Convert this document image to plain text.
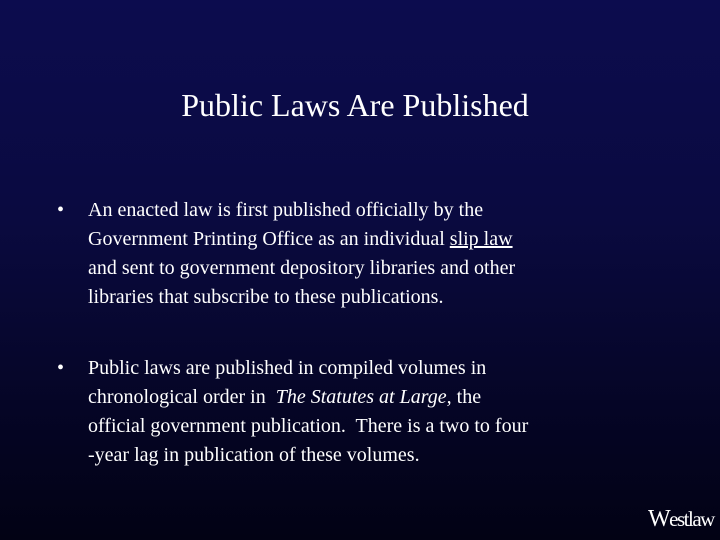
Public Laws Are Published
• An enacted law is first published officially by the
Government Printing Office as an individual slip law
and sent to government depository libraries and other
libraries that subscribe to these publications.

• Public laws are published in compiled volumes in
chronological order in  The Statutes at Large, the
official government publication.  There is a two to four
-year lag in publication of these volumes.

Westlaw
